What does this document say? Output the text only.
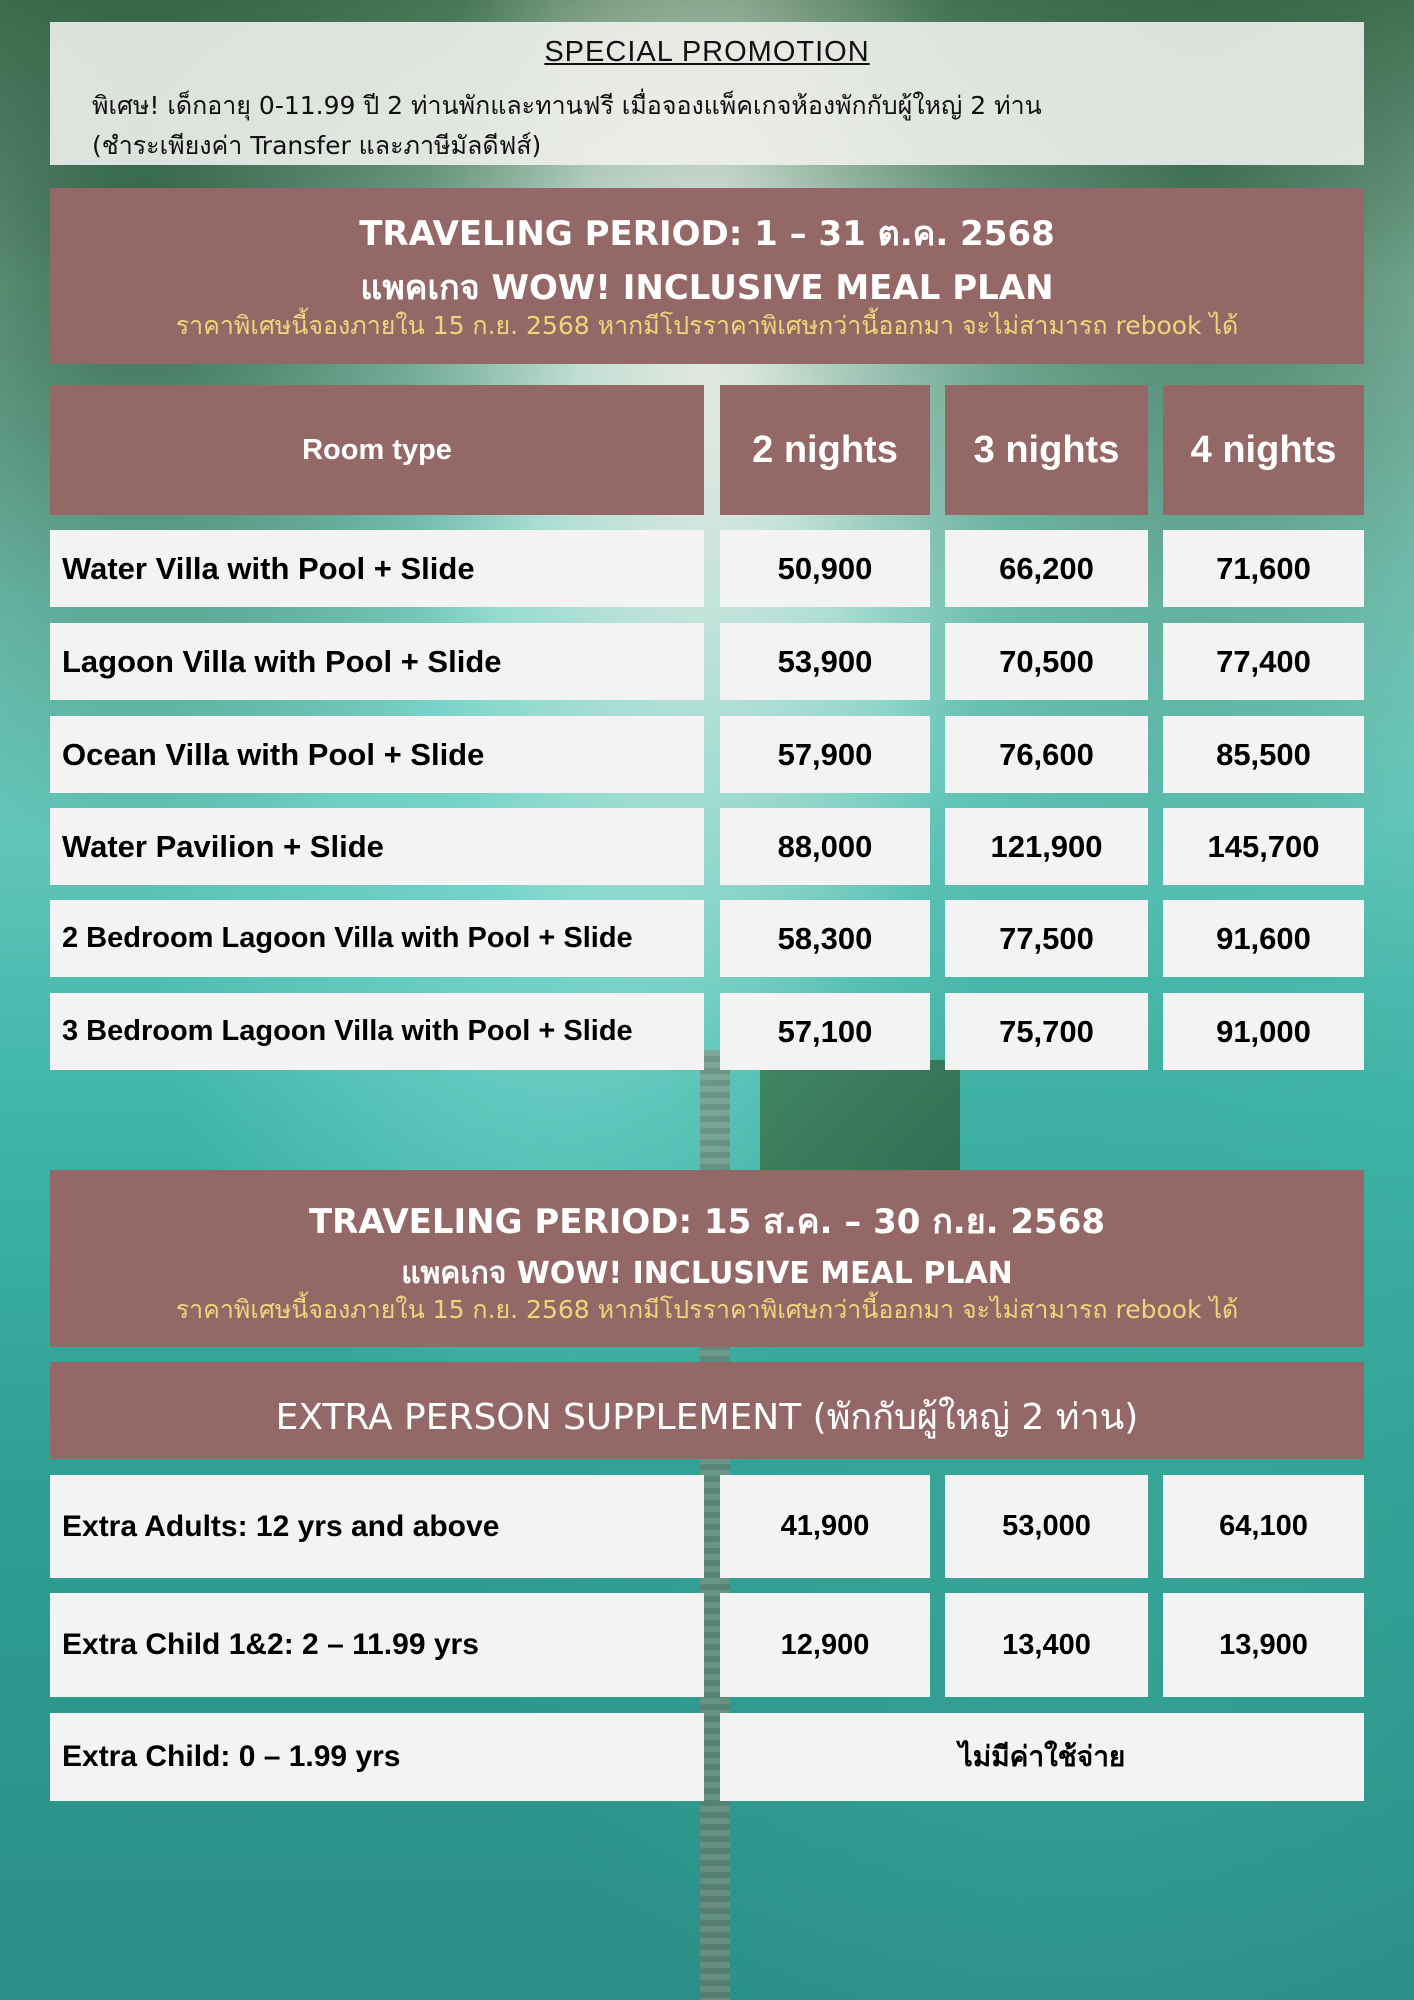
SPECIAL PROMOTION
พิเศษ! เด็กอายุ 0-11.99 ปี 2 ท่านพักและทานฟรี เมื่อจองแพ็คเกจห้องพักกับผู้ใหญ่ 2 ท่าน
(ชำระเพียงค่า Transfer และภาษีมัลดีฟส์)
TRAVELING PERIOD: 1 – 31 ต.ค. 2568
แพคเกจ WOW! INCLUSIVE MEAL PLAN
ราคาพิเศษนี้จองภายใน 15 ก.ย. 2568 หากมีโปรราคาพิเศษกว่านี้ออกมา จะไม่สามารถ rebook ได้
Room type	2 nights	3 nights	4 nights
Water Villa with Pool + Slide	50,900	66,200	71,600
Lagoon Villa with Pool + Slide	53,900	70,500	77,400
Ocean Villa with Pool + Slide	57,900	76,600	85,500
Water Pavilion + Slide	88,000	121,900	145,700
2 Bedroom Lagoon Villa with Pool + Slide	58,300	77,500	91,600
3 Bedroom Lagoon Villa with Pool + Slide	57,100	75,700	91,000
TRAVELING PERIOD: 15 ส.ค. – 30 ก.ย. 2568
แพคเกจ WOW! INCLUSIVE MEAL PLAN
ราคาพิเศษนี้จองภายใน 15 ก.ย. 2568 หากมีโปรราคาพิเศษกว่านี้ออกมา จะไม่สามารถ rebook ได้
EXTRA PERSON SUPPLEMENT (พักกับผู้ใหญ่ 2 ท่าน)
Extra Adults: 12 yrs and above	41,900	53,000	64,100
Extra Child 1&2: 2 – 11.99 yrs	12,900	13,400	13,900
Extra Child: 0 – 1.99 yrs	ไม่มีค่าใช้จ่าย
